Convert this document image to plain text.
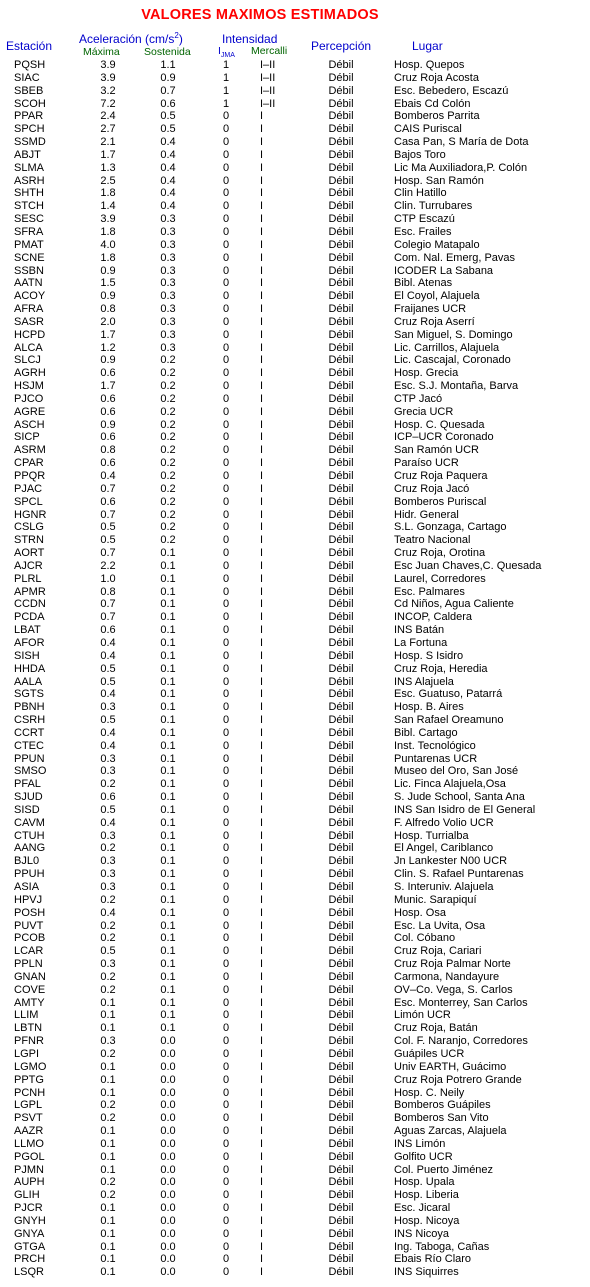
VALORES MAXIMOS ESTIMADOS
Estación Aceleración $(cm/s^2)$
Máxima Sostenida
Intensidad
$I_{JMA}$ Mercalli Percepción	Lugar
PQSH	3.9	1.1	1	I–II	Débil	Hosp. Quepos
SIAC	3.9	0.9	1	I–II	Débil	Cruz Roja Acosta
SBEB	3.2	0.7	1	I–II	Débil	Esc. Bebedero, Escazú
SCOH	7.2	0.6	1	I–II	Débil	Ebais Cd Colón
PPAR	2.4	0.5	0	I	Débil	Bomberos Parrita
SPCH	2.7	0.5	0	I	Débil	CAIS Puriscal
SSMD	2.1	0.4	0	I	Débil	Casa Pan, S María de Dota
ABJT	1.7	0.4	0	I	Débil	Bajos Toro
SLMA	1.3	0.4	0	I	Débil	Lic Ma Auxiliadora,P. Colón
ASRH	2.5	0.4	0	I	Débil	Hosp. San Ramón
SHTH	1.8	0.4	0	I	Débil	Clin Hatillo
STCH	1.4	0.4	0	I	Débil	Clin. Turrubares
SESC	3.9	0.3	0	I	Débil	CTP Escazú
SFRA	1.8	0.3	0	I	Débil	Esc. Frailes
PMAT	4.0	0.3	0	I	Débil	Colegio Matapalo
SCNE	1.8	0.3	0	I	Débil	Com. Nal. Emerg, Pavas
SSBN	0.9	0.3	0	I	Débil	ICODER La Sabana
AATN	1.5	0.3	0	I	Débil	Bibl. Atenas
ACOY	0.9	0.3	0	I	Débil	El Coyol, Alajuela
AFRA	0.8	0.3	0	I	Débil	Fraijanes UCR
SASR	2.0	0.3	0	I	Débil	Cruz Roja Aserrí
HCPD	1.7	0.3	0	I	Débil	San Miguel, S. Domingo
ALCA	1.2	0.3	0	I	Débil	Lic. Carrillos, Alajuela
SLCJ	0.9	0.2	0	I	Débil	Lic. Cascajal, Coronado
AGRH	0.6	0.2	0	I	Débil	Hosp. Grecia
HSJM	1.7	0.2	0	I	Débil	Esc. S.J. Montaña, Barva
PJCO	0.6	0.2	0	I	Débil	CTP Jacó
AGRE	0.6	0.2	0	I	Débil	Grecia UCR
ASCH	0.9	0.2	0	I	Débil	Hosp. C. Quesada
SICP	0.6	0.2	0	I	Débil	ICP–UCR Coronado
ASRM	0.8	0.2	0	I	Débil	San Ramón UCR
CPAR	0.6	0.2	0	I	Débil	Paraíso UCR
PPQR	0.4	0.2	0	I	Débil	Cruz Roja Paquera
PJAC	0.7	0.2	0	I	Débil	Cruz Roja Jacó
SPCL	0.6	0.2	0	I	Débil	Bomberos Puriscal
HGNR	0.7	0.2	0	I	Débil	Hidr. General
CSLG	0.5	0.2	0	I	Débil	S.L. Gonzaga, Cartago
STRN	0.5	0.2	0	I	Débil	Teatro Nacional
AORT	0.7	0.1	0	I	Débil	Cruz Roja, Orotina
AJCR	2.2	0.1	0	I	Débil	Esc Juan Chaves,C. Quesada
PLRL	1.0	0.1	0	I	Débil	Laurel, Corredores
APMR	0.8	0.1	0	I	Débil	Esc. Palmares
CCDN	0.7	0.1	0	I	Débil	Cd Niños, Agua Caliente
PCDA	0.7	0.1	0	I	Débil	INCOP, Caldera
LBAT	0.6	0.1	0	I	Débil	INS Batán
AFOR	0.4	0.1	0	I	Débil	La Fortuna
SISH	0.4	0.1	0	I	Débil	Hosp. S Isidro
HHDA	0.5	0.1	0	I	Débil	Cruz Roja, Heredia
AALA	0.5	0.1	0	I	Débil	INS Alajuela
SGTS	0.4	0.1	0	I	Débil	Esc. Guatuso, Patarrá
PBNH	0.3	0.1	0	I	Débil	Hosp. B. Aires
CSRH	0.5	0.1	0	I	Débil	San Rafael Oreamuno
CCRT	0.4	0.1	0	I	Débil	Bibl. Cartago
CTEC	0.4	0.1	0	I	Débil	Inst. Tecnológico
PPUN	0.3	0.1	0	I	Débil	Puntarenas UCR
SMSO	0.3	0.1	0	I	Débil	Museo del Oro, San José
PFAL	0.2	0.1	0	I	Débil	Lic. Finca Alajuela,Osa
SJUD	0.6	0.1	0	I	Débil	S. Jude School, Santa Ana
SISD	0.5	0.1	0	I	Débil	INS San Isidro de El General
CAVM	0.4	0.1	0	I	Débil	F. Alfredo Volio UCR
CTUH	0.3	0.1	0	I	Débil	Hosp. Turrialba
AANG	0.2	0.1	0	I	Débil	El Angel, Cariblanco
BJL0	0.3	0.1	0	I	Débil	Jn Lankester N00 UCR
PPUH	0.3	0.1	0	I	Débil	Clin. S. Rafael Puntarenas
ASIA	0.3	0.1	0	I	Débil	S. Interuniv. Alajuela
HPVJ	0.2	0.1	0	I	Débil	Munic. Sarapiquí
POSH	0.4	0.1	0	I	Débil	Hosp. Osa
PUVT	0.2	0.1	0	I	Débil	Esc. La Uvita, Osa
PCOB	0.2	0.1	0	I	Débil	Col. Cóbano
LCAR	0.5	0.1	0	I	Débil	Cruz Roja, Cariari
PPLN	0.3	0.1	0	I	Débil	Cruz Roja Palmar Norte
GNAN	0.2	0.1	0	I	Débil	Carmona, Nandayure
COVE	0.2	0.1	0	I	Débil	OV–Co. Vega, S. Carlos
AMTY	0.1	0.1	0	I	Débil	Esc. Monterrey, San Carlos
LLIM	0.1	0.1	0	I	Débil	Limón UCR
LBTN	0.1	0.1	0	I	Débil	Cruz Roja, Batán
PFNR	0.3	0.0	0	I	Débil	Col. F. Naranjo, Corredores
LGPI	0.2	0.0	0	I	Débil	Guápiles UCR
LGMO	0.1	0.0	0	I	Débil	Univ EARTH, Guácimo
PPTG	0.1	0.0	0	I	Débil	Cruz Roja Potrero Grande
PCNH	0.1	0.0	0	I	Débil	Hosp. C. Neily
LGPL	0.2	0.0	0	I	Débil	Bomberos Guápiles
PSVT	0.2	0.0	0	I	Débil	Bomberos San Vito
AAZR	0.1	0.0	0	I	Débil	Aguas Zarcas, Alajuela
LLMO	0.1	0.0	0	I	Débil	INS Limón
PGOL	0.1	0.0	0	I	Débil	Golfito UCR
PJMN	0.1	0.0	0	I	Débil	Col. Puerto Jiménez
AUPH	0.2	0.0	0	I	Débil	Hosp. Upala
GLIH	0.2	0.0	0	I	Débil	Hosp. Liberia
PJCR	0.1	0.0	0	I	Débil	Esc. Jicaral
GNYH	0.1	0.0	0	I	Débil	Hosp. Nicoya
GNYA	0.1	0.0	0	I	Débil	INS Nicoya
GTGA	0.1	0.0	0	I	Débil	Ing. Taboga, Cañas
PRCH	0.1	0.0	0	I	Débil	Ebais Río Claro
LSQR	0.1	0.0	0	I	Débil	INS Siquirres
